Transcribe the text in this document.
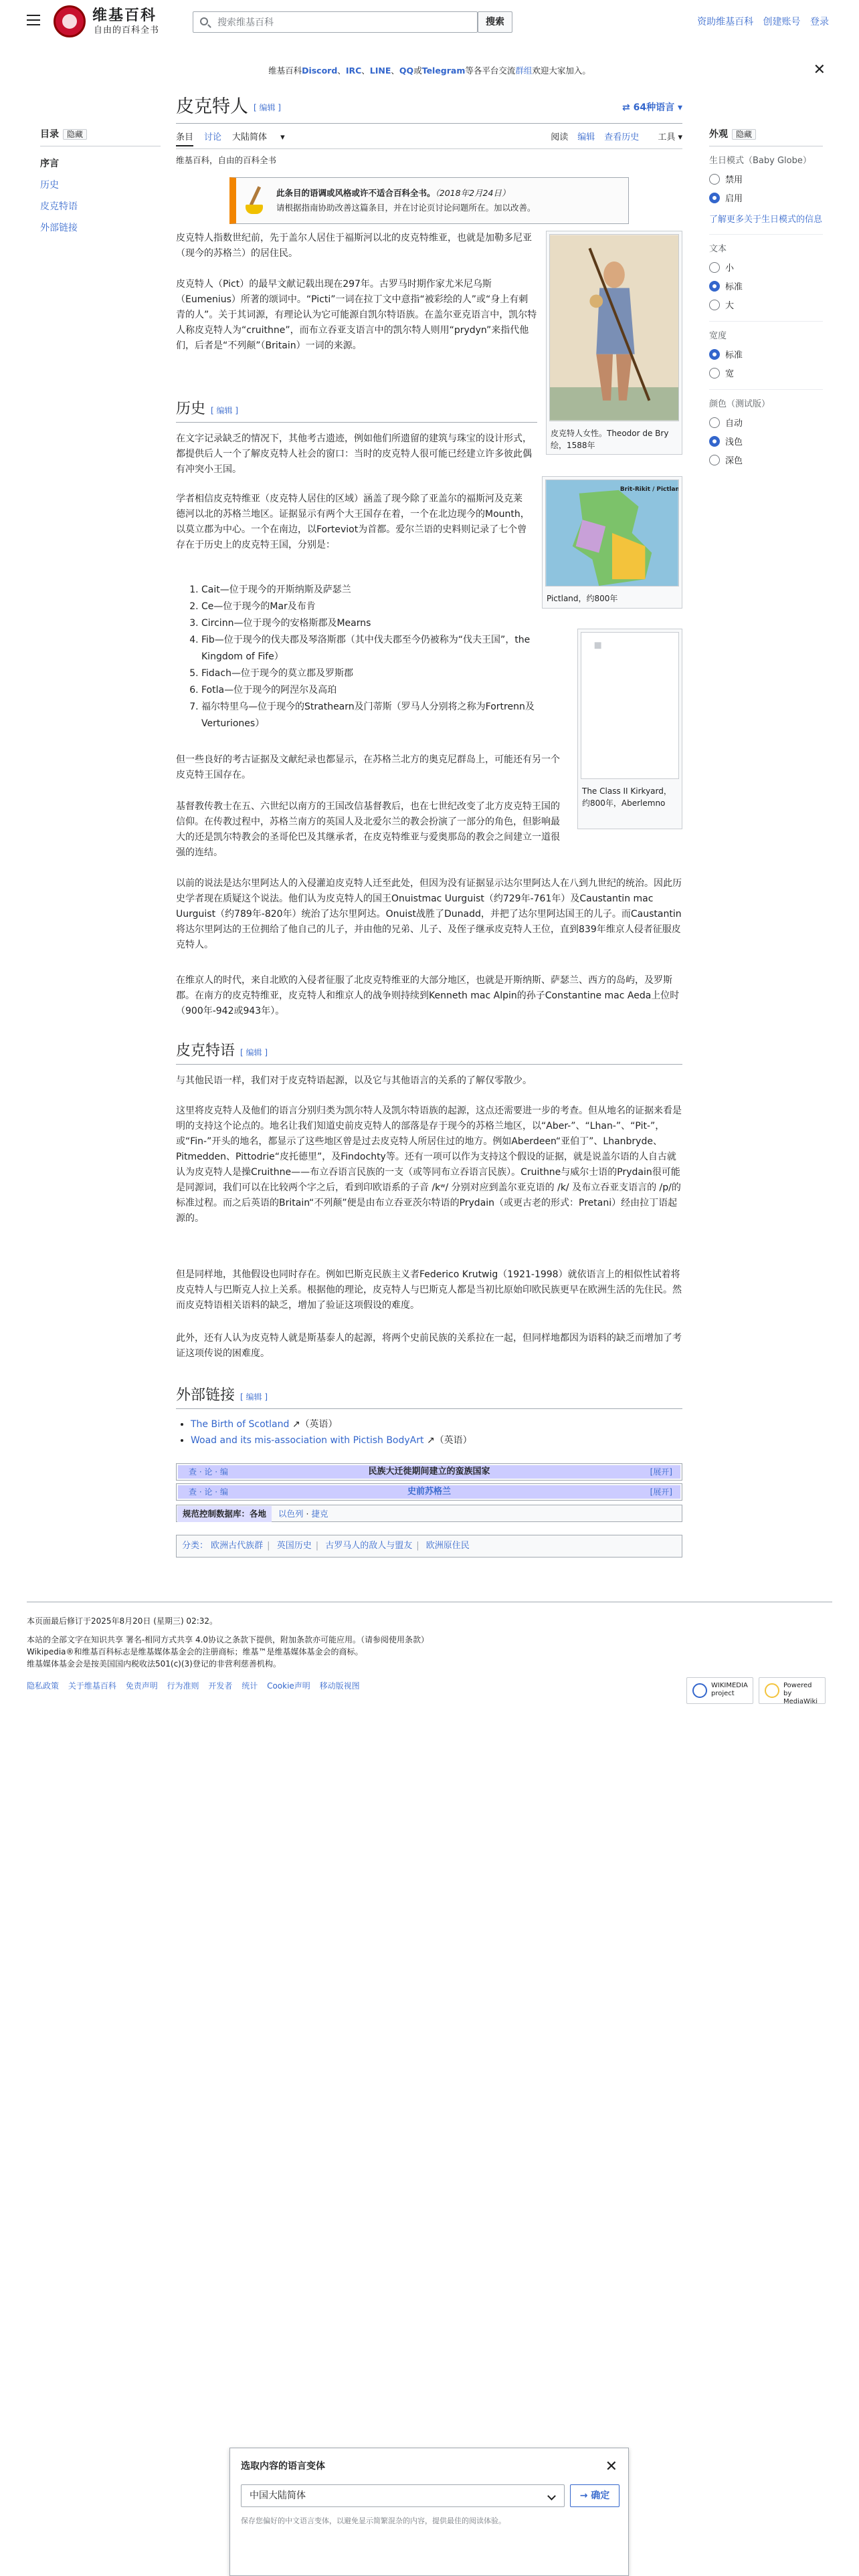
维基百科
自由的百科全书
搜索维基百科	搜索	资助维基百科 创建账号 登录
维基百科Discord、IRC、LINE、QQ或Telegram等各平台交流群组欢迎大家加入。	✕
目录 隐藏
序言
历史
皮克特语
外部链接
外观 隐藏
生日模式（Baby Globe）
禁用
启用
了解更多关于生日模式的信息
文本
小
标准
大
宽度
标准
宽
颜色（测试版）
自动
浅色
深色
皮克特人 [ 编辑 ]	⇄ 64种语言 ▾
条目 讨论 大陆简体 ▾	阅读 编辑 查看历史 工具 ▾
维基百科，自由的百科全书
此条目的语调或风格或许不适合百科全书。（2018年2月24日）
请根据指南协助改善这篇条目，并在讨论页讨论问题所在。加以改善。

皮克特人指数世纪前，先于盖尔人居住于福斯河以北的皮克特维亚，也就是加勒多尼亚（现今的苏格兰）的居住民。

皮克特人（Pict）的最早文献记载出现在297年。古罗马时期作家尤米尼乌斯（Eumenius）所著的颂词中。“Picti”一词在拉丁文中意指“被彩绘的人”或“身上有刺青的人”。关于其词源，有理论认为它可能源自凯尔特语族。在盖尔亚克语言中，凯尔特人称皮克特人为“cruithne”，而布立吞亚支语言中的凯尔特人则用“prydyn”来指代他们，后者是“不列颠”（Britain）一词的来源。

皮克特人女性。Theodor de Bry绘，1588年
历史 [ 编辑 ]

在文字记录缺乏的情况下，其他考古遗迹，例如他们所遗留的建筑与珠宝的设计形式，都提供后人一个了解皮克特人社会的窗口：当时的皮克特人很可能已经建立许多彼此偶有冲突小王国。

Brit-Rikit / Pictland
Pictland，约800年

学者相信皮克特维亚（皮克特人居住的区域）涵盖了现今除了亚盖尔的福斯河及克莱德河以北的苏格兰地区。证据显示有两个大王国存在着，一个在北边现今的Mounth，以莫立郡为中心。一个在南边，以Forteviot为首都。爱尔兰语的史料则记录了七个曾存在于历史上的皮克特王国，分别是：

1. Cait—位于现今的开斯纳斯及萨瑟兰
2. Ce—位于现今的Mar及布肯
3. Circinn—位于现今的安格斯郡及Mearns
4. Fib—位于现今的伐夫郡及琴洛斯郡（其中伐夫郡至今仍被称为“伐夫王国”，the Kingdom of Fife）
5. Fidach—位于现今的莫立郡及罗斯郡
6. Fotla—位于现今的阿涅尔及高珀
7. 福尔特里乌—位于现今的Strathearn及门蒂斯（罗马人分别将之称为Fortrenn及Verturiones）
The Class II Kirkyard，约800年，Aberlemno

但一些良好的考古证据及文献纪录也都显示，在苏格兰北方的奥克尼群岛上，可能还有另一个皮克特王国存在。

基督教传教士在五、六世纪以南方的王国改信基督教后，也在七世纪改变了北方皮克特王国的信仰。在传教过程中，苏格兰南方的英国人及北爱尔兰的教会扮演了一部分的角色，但影响最大的还是凯尔特教会的圣哥伦巴及其继承者，在皮克特维亚与爱奥那岛的教会之间建立一道很强的连结。

以前的说法是达尔里阿达人的入侵灌迫皮克特人迁至此处，但因为没有证据显示达尔里阿达人在八到九世纪的统治。因此历史学者现在质疑这个说法。他们认为皮克特人的国王Onuistmac Uurguist（约729年-761年）及Caustantin mac Uurguist（约789年-820年）统治了达尔里阿达。Onuist战胜了Dunadd，并把了达尔里阿达国王的儿子。而Caustantin将达尔里阿达的王位拥给了他自己的儿子，并由他的兄弟、儿子、及侄子继承皮克特人王位，直到839年维京人侵者征服皮克特人。

在维京人的时代，来自北欧的入侵者征服了北皮克特维亚的大部分地区，也就是开斯纳斯、萨瑟兰、西方的岛屿，及罗斯郡。在南方的皮克特维亚，皮克特人和维京人的战争则持续到Kenneth mac Alpin的孙子Constantine mac Aeda上位时（900年-942或943年）。

皮克特语 [ 编辑 ]

与其他民语一样，我们对于皮克特语起源，以及它与其他语言的关系的了解仅零散少。

这里将皮克特人及他们的语言分别归类为凯尔特人及凯尔特语族的起源，这点还需要进一步的考查。但从地名的证据来看是明的支持这个论点的。地名让我们知道史前皮克特人的部落是存于现今的苏格兰地区，以“Aber-”、“Lhan-”、“Pit-”，或“Fin-”开头的地名，都显示了这些地区曾是过去皮克特人所居住过的地方。例如Aberdeen“亚伯丁”、Lhanbryde、Pitmedden、Pittodrie“皮托德里”，及Findochty等。还有一项可以作为支持这个假设的证据，就是说盖尔语的人自古就认为皮克特人是操Cruithne——布立吞语言民族的一支（或等同布立吞语言民族）。Cruithne与威尔士语的Prydain很可能是同源词，我们可以在比较两个字之后，看到印欧语系的子音 /kʷ/ 分别对应到盖尔亚克语的 /k/ 及布立吞亚支语言的 /p/的标准过程。而之后英语的Britain“不列颠”便是由布立吞亚茨尔特语的Prydain（或更古老的形式：Pretani）经由拉丁语起源的。

但是同样地，其他假设也同时存在。例如巴斯克民族主义者Federico Krutwig（1921-1998）就依语言上的相似性试着将皮克特人与巴斯克人拉上关系。根据他的理论，皮克特人与巴斯克人都是当初比原始印欧民族更早在欧洲生活的先住民。然而皮克特语相关语料的缺乏，增加了验证这项假设的难度。

此外，还有人认为皮克特人就是斯基泰人的起源，将两个史前民族的关系拉在一起，但同样地都因为语料的缺乏而增加了考证这项传说的困难度。

外部链接 [ 编辑 ]
• The Birth of Scotland ↗（英语）
• Woad and its mis-association with Pictish BodyArt ↗（英语）
查 · 论 · 编	民族大迁徙期间建立的蛮族国家	[展开]
查 · 论 · 编	史前苏格兰	[展开]
规范控制数据库：各地 以色列 · 捷克
分类： 欧洲古代族群 | 英国历史 | 古罗马人的敌人与盟友 | 欧洲原住民
本页面最后修订于2025年8月20日 (星期三) 02:32。
本站的全部文字在知识共享 署名-相同方式共享 4.0协议之条款下提供，附加条款亦可能应用。（请参阅使用条款）
Wikipedia®和维基百科标志是维基媒体基金会的注册商标；维基™是维基媒体基金会的商标。
维基媒体基金会是按美国国内税收法501(c)(3)登记的非营利慈善机构。
隐私政策 关于维基百科 免责声明 行为准则 开发者 统计 Cookie声明 移动版视图	WIKIMEDIA project
Powered by MediaWiki
选取内容的语言变体	✕
中国大陆简体	→ 确定
保存您偏好的中文语言变体，以避免显示简繁混杂的内容，提供最佳的阅读体验。
